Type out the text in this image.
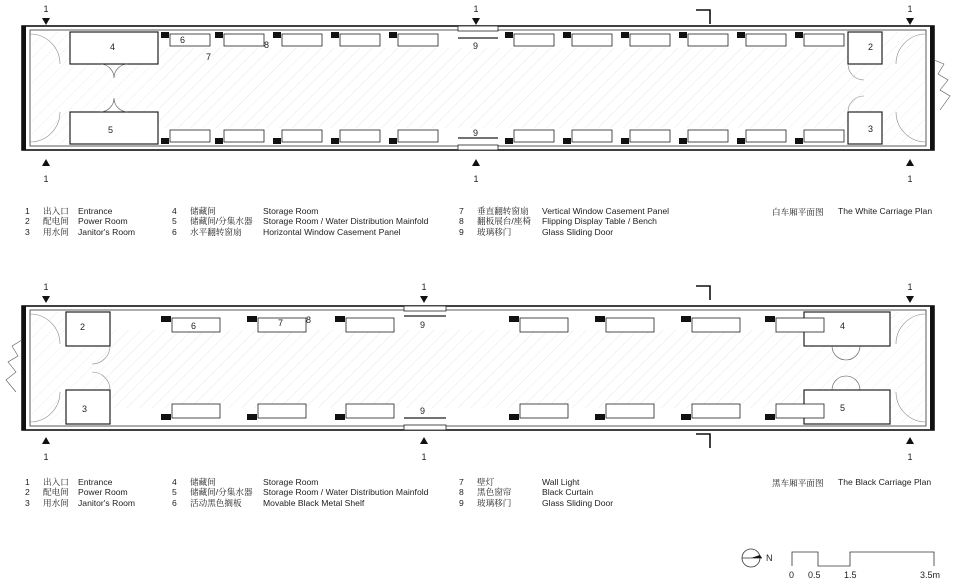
1	1	1
1	1	1
4
5
6
7
8	9
9
2
3
1	1	1
1	1	1
2
3
6	7	8	9
9
4
5
N
0 0.5	1.5	3.5m
1 出入口 Entrance
2 配电间 Power Room
3 用水间 Janitor's Room
4 储藏间	Storage Room
5 储藏间/分集水器 Storage Room / Water Distribution Mainfold
6 水平翻转窗扇 Horizontal Window Casement Panel
7 垂直翻转窗扇 Vertical Window Casement Panel
8 翻板展台/座椅 Flipping Display Table / Bench
9 玻璃移门	Glass Sliding Door
白车厢平面图 The White Carriage Plan
1 出入口 Entrance
2 配电间 Power Room
3 用水间 Janitor's Room
4 储藏间	Storage Room
5 储藏间/分集水器 Storage Room / Water Distribution Mainfold
6 活动黑色搁板 Movable Black Metal Shelf
7 壁灯	Wall Light
8 黑色窗帘	Black Curtain
9 玻璃移门	Glass Sliding Door
黑车厢平面图 The Black Carriage Plan
